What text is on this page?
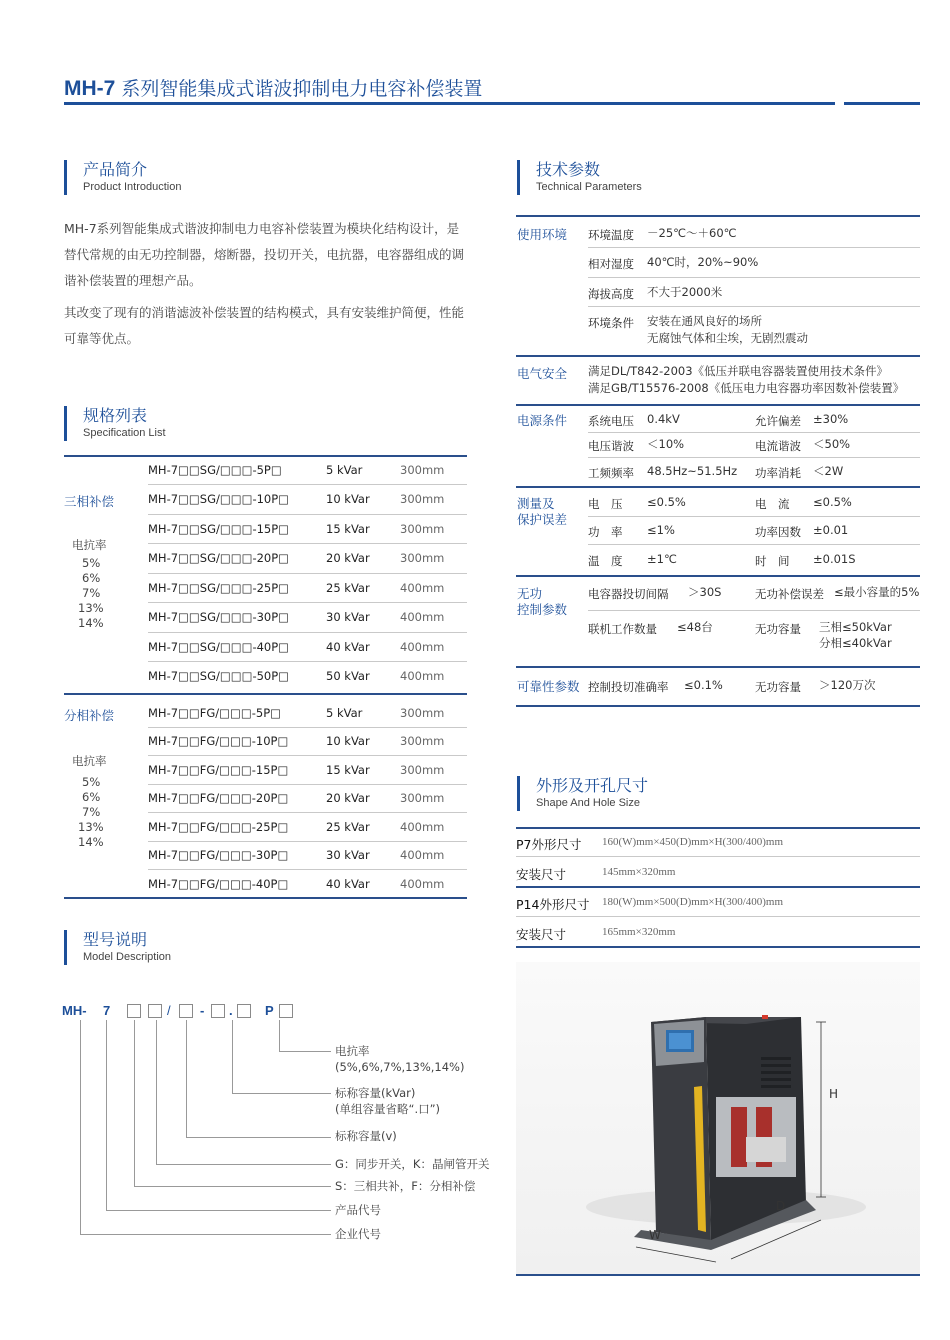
MH-7 系列智能集成式谐波抑制电力电容补偿装置
产品简介
Product Introduction
MH-7系列智能集成式谐波抑制电力电容补偿装置为模块化结构设计，是替代常规的由无功控制器，熔断器，投切开关，电抗器，电容器组成的调谐补偿装置的理想产品。
其改变了现有的消谐滤波补偿装置的结构模式，具有安装维护简便，性能可靠等优点。
规格列表
Specification List
三相补偿
电抗率
5%
6%
7%
13%
14%
MH-7□□SG/□□□-5P□	5 kVar	300mm
MH-7□□SG/□□□-10P□	10 kVar	300mm
MH-7□□SG/□□□-15P□	15 kVar	300mm
MH-7□□SG/□□□-20P□	20 kVar	300mm
MH-7□□SG/□□□-25P□	25 kVar	400mm
MH-7□□SG/□□□-30P□	30 kVar	400mm
MH-7□□SG/□□□-40P□	40 kVar	400mm
MH-7□□SG/□□□-50P□	50 kVar	400mm
分相补偿
电抗率
5%
6%
7%
13%
14%
MH-7□□FG/□□□-5P□	5 kVar	300mm
MH-7□□FG/□□□-10P□	10 kVar	300mm
MH-7□□FG/□□□-15P□	15 kVar	300mm
MH-7□□FG/□□□-20P□	20 kVar	300mm
MH-7□□FG/□□□-25P□	25 kVar	400mm
MH-7□□FG/□□□-30P□	30 kVar	400mm
MH-7□□FG/□□□-40P□	40 kVar	400mm
型号说明
Model Description
MH- 7	/ - . P
电抗率
(5%,6%,7%,13%,14%)
标称容量(kVar)
(单组容量省略“.口”)
标称容量(v)
G：同步开关，K：晶闸管开关
S：三相共补，F：分相补偿
产品代号
企业代号
技术参数
Technical Parameters
使用环境 环境温度 －25℃～＋60℃
相对湿度 40℃时，20%~90%
海拔高度 不大于2000米
环境条件 安装在通风良好的场所
无腐蚀气体和尘埃，无剧烈震动
电气安全 满足DL/T842-2003《低压并联电容器装置使用技术条件》
满足GB/T15576-2008《低压电力电容器功率因数补偿装置》
电源条件 系统电压 0.4kV	允许偏差 ±30%
电压谐波 ＜10%	电流谐波 ＜50%
工频频率 48.5Hz~51.5Hz 功率消耗 ＜2W
测量及
保护误差
电　压 ≤0.5%	电　流 ≤0.5%
功　率 ≤1%	功率因数 ±0.01
温　度 ±1℃	时　间 ±0.01S
无功
控制参数
电容器投切间隔 ＞30S	无功补偿误差 ≤最小容量的5%
联机工作数量 ≤48台	无功容量 三相≤50kVar
分相≤40kVar
可靠性参数 控制投切准确率 ≤0.1%	无功容量 ＞120万次
外形及开孔尺寸
Shape And Hole Size
P7外形尺寸 160(W)mm×450(D)mm×H(300/400)mm
安装尺寸	145mm×320mm
P14外形尺寸 180(W)mm×500(D)mm×H(300/400)mm
安装尺寸	165mm×320mm
H
D
W
